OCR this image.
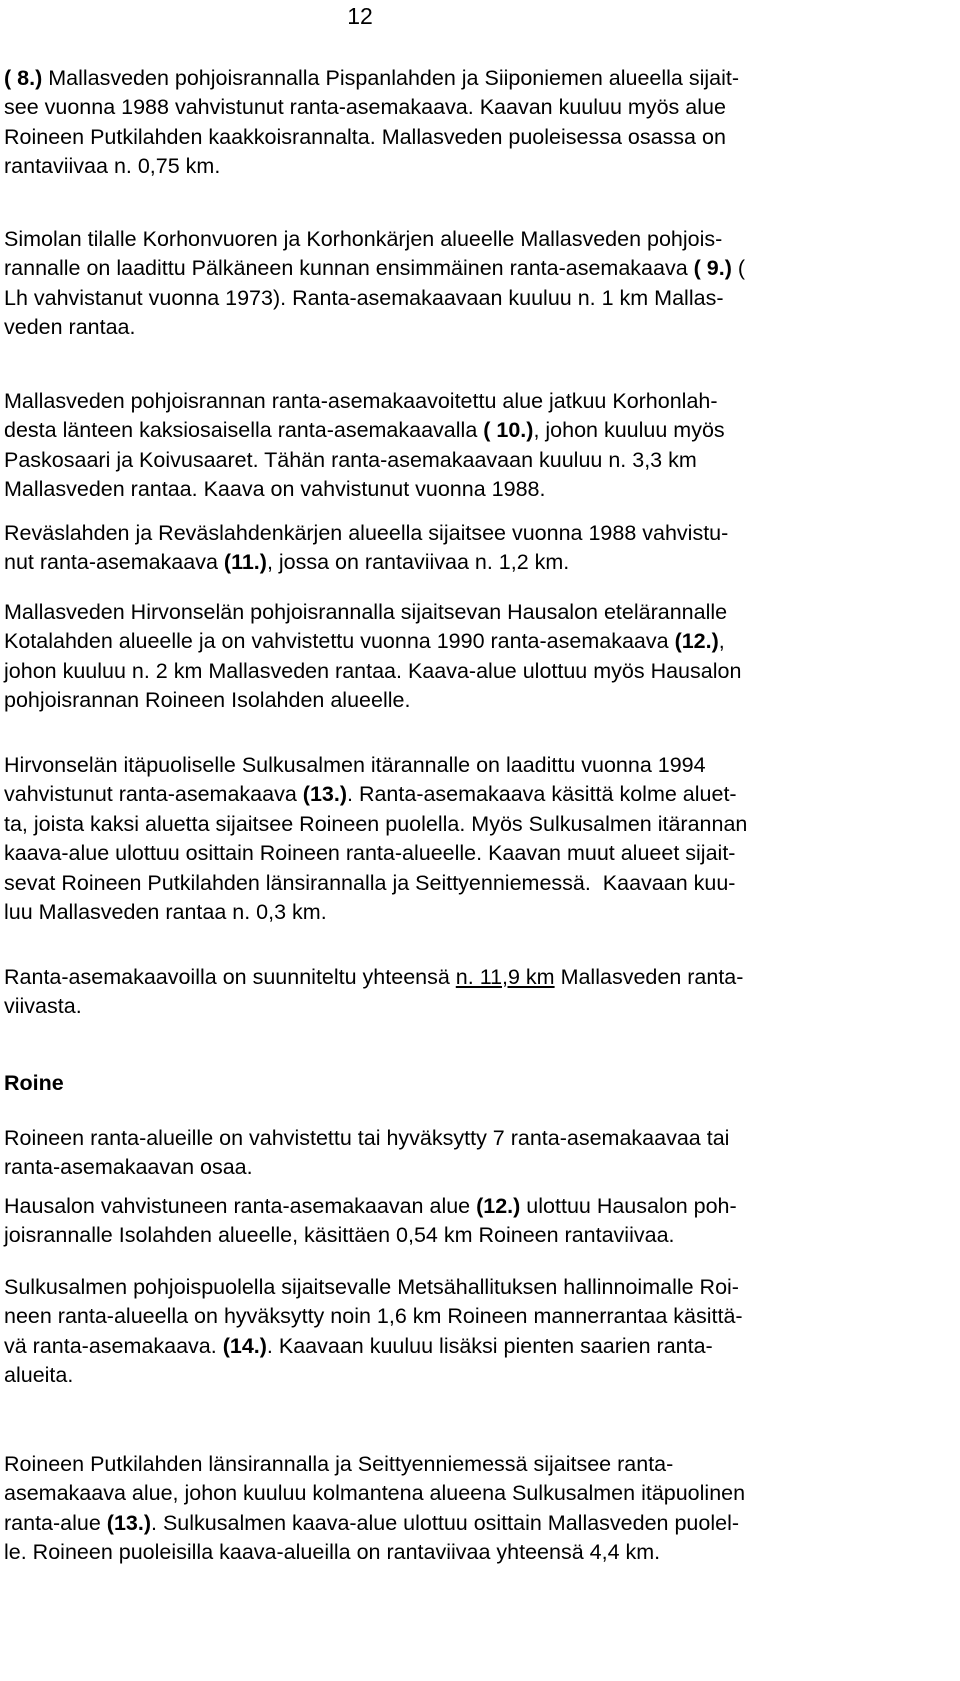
12

( 8.) Mallasveden pohjoisrannalla Pispanlahden ja Siiponiemen alueella sijait-
see vuonna 1988 vahvistunut ranta-asemakaava. Kaavan kuuluu myös alue
Roineen Putkilahden kaakkoisrannalta. Mallasveden puoleisessa osassa on
rantaviivaa n. 0,75 km.

Simolan tilalle Korhonvuoren ja Korhonkärjen alueelle Mallasveden pohjois-
rannalle on laadittu Pälkäneen kunnan ensimmäinen ranta-asemakaava ( 9.) (
Lh vahvistanut vuonna 1973). Ranta-asemakaavaan kuuluu n. 1 km Mallas-
veden rantaa.

Mallasveden pohjoisrannan ranta-asemakaavoitettu alue jatkuu Korhonlah-
desta länteen kaksiosaisella ranta-asemakaavalla ( 10.), johon kuuluu myös
Paskosaari ja Koivusaaret. Tähän ranta-asemakaavaan kuuluu n. 3,3 km
Mallasveden rantaa. Kaava on vahvistunut vuonna 1988.

Reväslahden ja Reväslahdenkärjen alueella sijaitsee vuonna 1988 vahvistu-
nut ranta-asemakaava (11.), jossa on rantaviivaa n. 1,2 km.

Mallasveden Hirvonselän pohjoisrannalla sijaitsevan Hausalon etelärannalle
Kotalahden alueelle ja on vahvistettu vuonna 1990 ranta-asemakaava (12.),
johon kuuluu n. 2 km Mallasveden rantaa. Kaava-alue ulottuu myös Hausalon
pohjoisrannan Roineen Isolahden alueelle.

Hirvonselän itäpuoliselle Sulkusalmen itärannalle on laadittu vuonna 1994
vahvistunut ranta-asemakaava (13.). Ranta-asemakaava käsittä kolme aluet-
ta, joista kaksi aluetta sijaitsee Roineen puolella. Myös Sulkusalmen itärannan
kaava-alue ulottuu osittain Roineen ranta-alueelle. Kaavan muut alueet sijait-
sevat Roineen Putkilahden länsirannalla ja Seittyenniemessä.  Kaavaan kuu-
luu Mallasveden rantaa n. 0,3 km.

Ranta-asemakaavoilla on suunniteltu yhteensä n. 11,9 km Mallasveden ranta-
viivasta.

Roine

Roineen ranta-alueille on vahvistettu tai hyväksytty 7 ranta-asemakaavaa tai
ranta-asemakaavan osaa.

Hausalon vahvistuneen ranta-asemakaavan alue (12.) ulottuu Hausalon poh-
joisrannalle Isolahden alueelle, käsittäen 0,54 km Roineen rantaviivaa.

Sulkusalmen pohjoispuolella sijaitsevalle Metsähallituksen hallinnoimalle Roi-
neen ranta-alueella on hyväksytty noin 1,6 km Roineen mannerrantaa käsittä-
vä ranta-asemakaava. (14.). Kaavaan kuuluu lisäksi pienten saarien ranta-
alueita.

Roineen Putkilahden länsirannalla ja Seittyenniemessä sijaitsee ranta-
asemakaava alue, johon kuuluu kolmantena alueena Sulkusalmen itäpuolinen
ranta-alue (13.). Sulkusalmen kaava-alue ulottuu osittain Mallasveden puolel-
le. Roineen puoleisilla kaava-alueilla on rantaviivaa yhteensä 4,4 km.
